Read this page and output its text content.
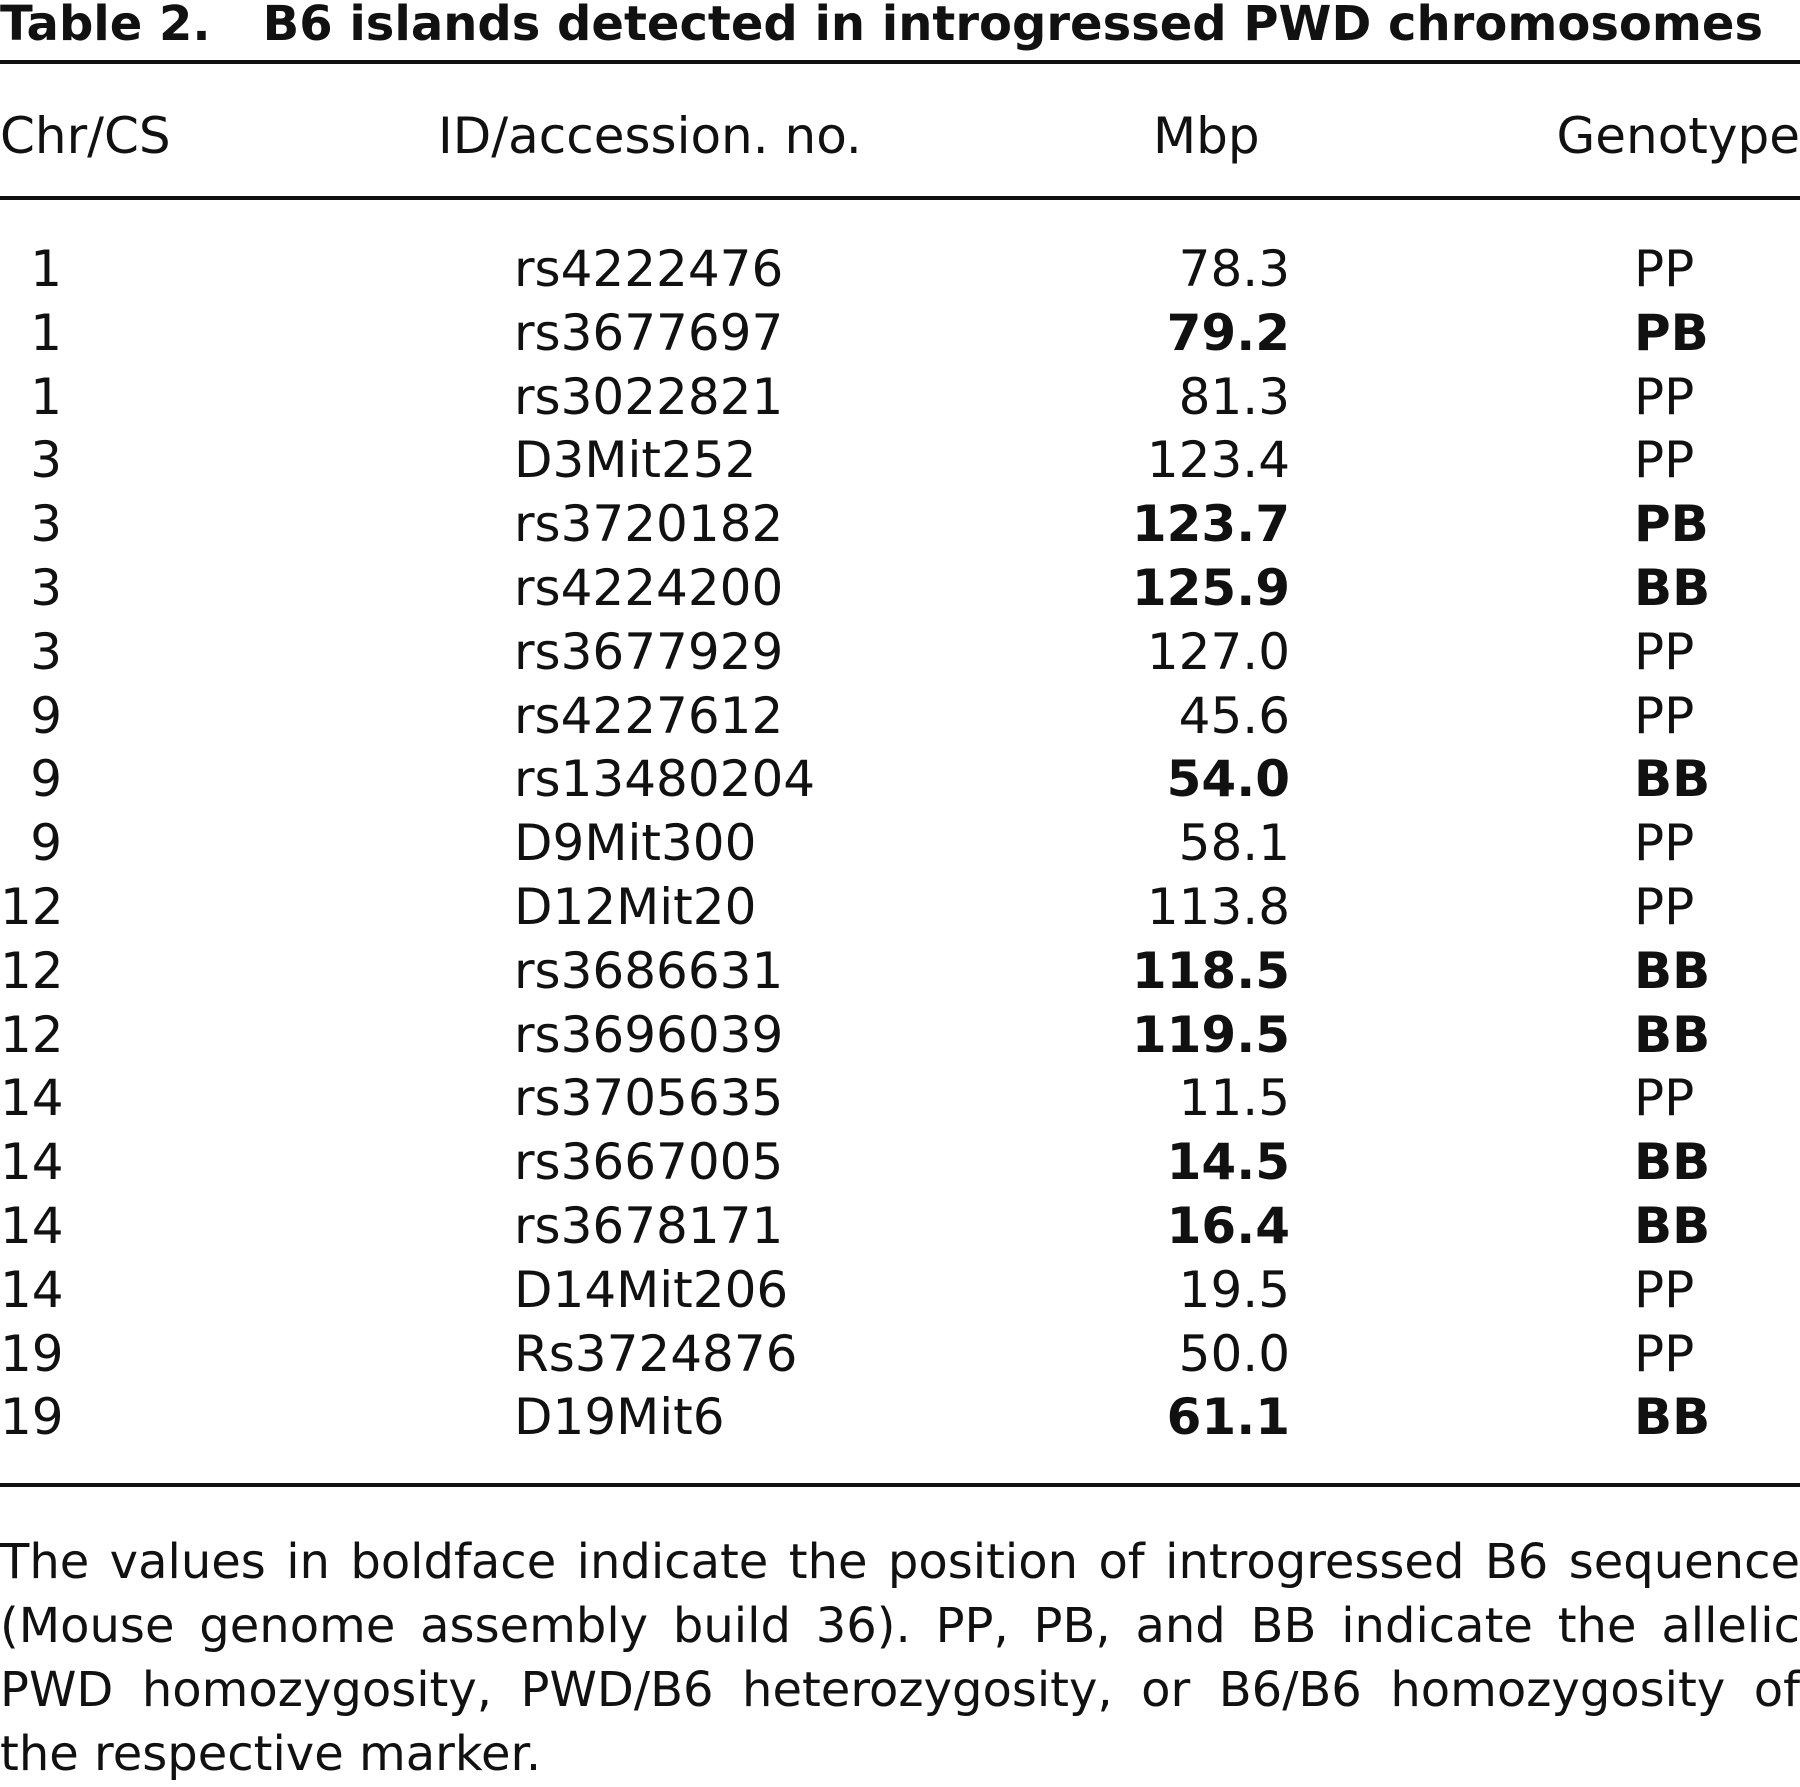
Table 2. B6 islands detected in introgressed PWD chromosomes
Chr/CS	ID/accession. no.	Mbp	Genotype
1	rs4222476	78.3	PP
1	rs3677697	79.2	PB
1	rs3022821	81.3	PP
3	D3Mit252	123.4	PP
3	rs3720182	123.7	PB
3	rs4224200	125.9	BB
3	rs3677929	127.0	PP
9	rs4227612	45.6	PP
9	rs13480204	54.0	BB
9	D9Mit300	58.1	PP
12	D12Mit20	113.8	PP
12	rs3686631	118.5	BB
12	rs3696039	119.5	BB
14	rs3705635	11.5	PP
14	rs3667005	14.5	BB
14	rs3678171	16.4	BB
14	D14Mit206	19.5	PP
19	Rs3724876	50.0	PP
19	D19Mit6	61.1	BB
The values in boldface indicate the position of introgressed B6 sequence (Mouse genome assembly build 36). PP, PB, and BB indicate the allelic PWD homozygosity, PWD/B6 heterozygosity, or B6/B6 homozygosity of the respective marker.
